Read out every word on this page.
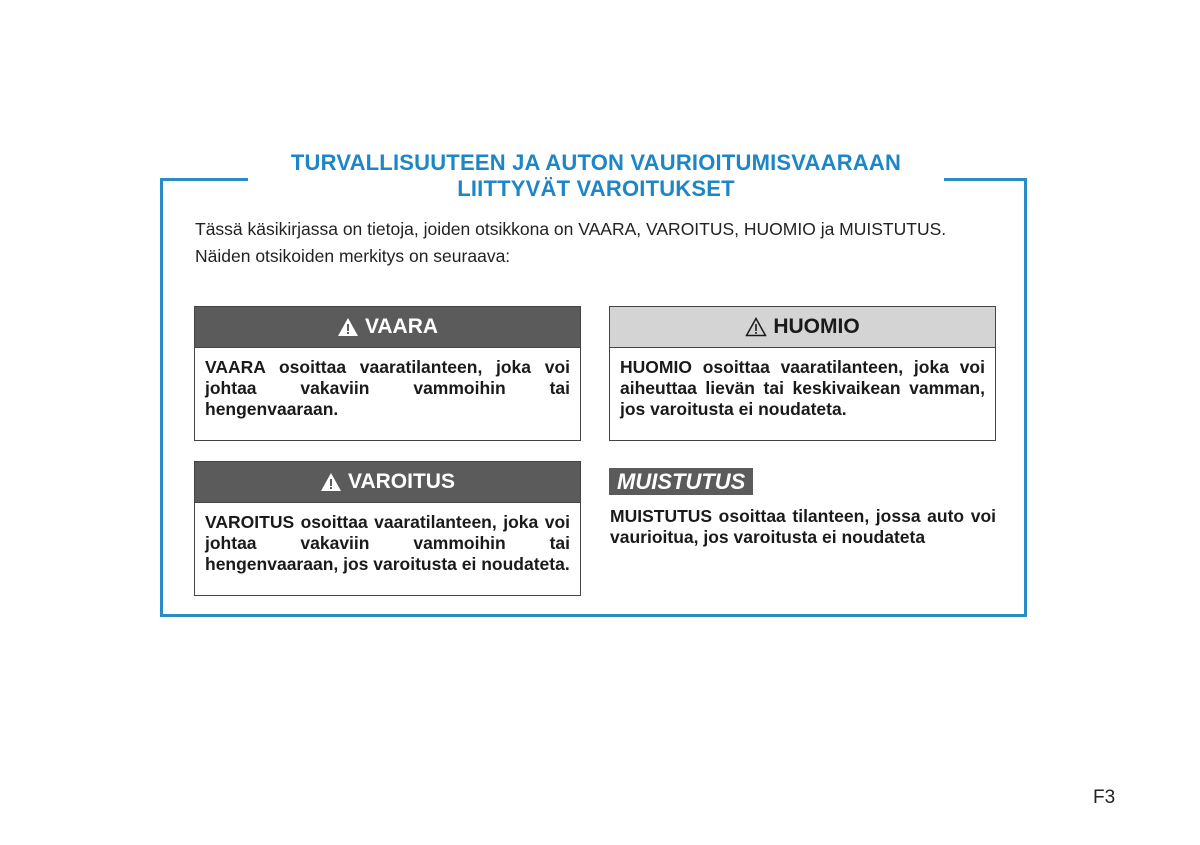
TURVALLISUUTEEN JA AUTON VAURIOITUMISVAARAAN

LIITTYVÄT VAROITUKSET

Tässä käsikirjassa on tietoja, joiden otsikkona on VAARA, VAROITUS, HUOMIO ja MUISTUTUS.

Näiden otsikoiden merkitys on seuraava:

VAARA
VAARA osoittaa vaaratilanteen, joka voi johtaa vakaviin vammoihin tai hengenvaaraan.
HUOMIO
HUOMIO osoittaa vaaratilanteen, joka voi aiheuttaa lievän tai keskivaikean vamman, jos varoitusta ei noudateta.
VAROITUS
VAROITUS osoittaa vaaratilanteen, joka voi johtaa vakaviin vammoihin tai hengenvaaraan, jos varoitusta ei noudateta.
MUISTUTUS
MUISTUTUS osoittaa tilanteen, jossa auto voi vaurioitua, jos varoitusta ei noudateta
F3
